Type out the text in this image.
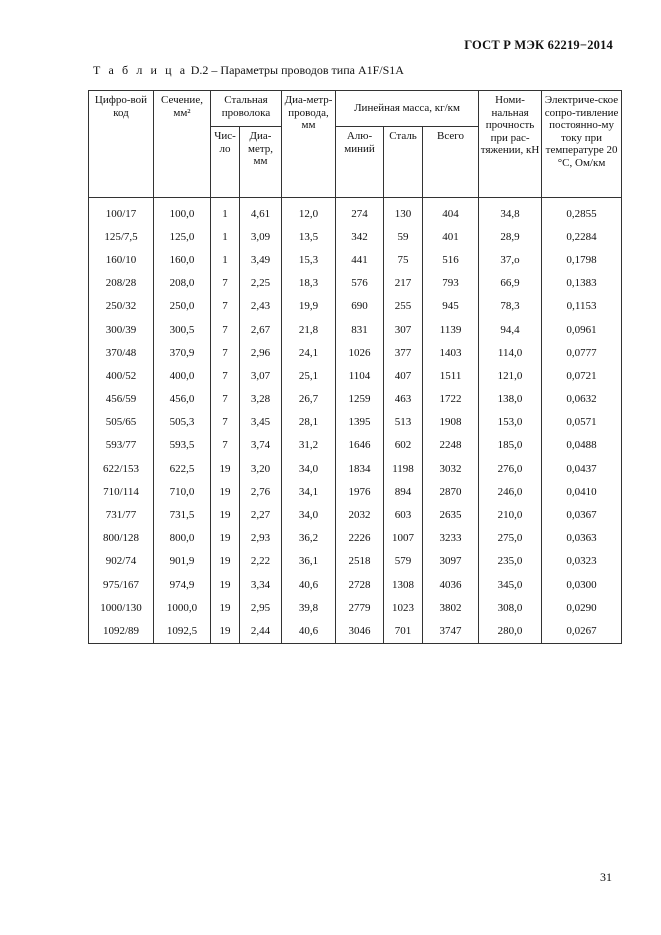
ГОСТ Р МЭК 62219−2014
Т а б л и ц а D.2 – Параметры проводов типа A1F/S1A
Цифро-вой код	Сечение, мм²	Стальная проволока		Диа-метр-провода, мм	Линейная масса, кг/км			Номи-нальная прочность при рас-тяжении, кН	Электриче-ское сопро-тивление постоянно-му току при температуре 20 °С, Ом/км
		Чис-ло	Диа-метр, мм		Алю-миний	Сталь	Всего		
100/17	100,0	1	4,61	12,0	274	130	404	34,8	0,2855
125/7,5	125,0	1	3,09	13,5	342	59	401	28,9	0,2284
160/10	160,0	1	3,49	15,3	441	75	516	37,о	0,1798
208/28	208,0	7	2,25	18,3	576	217	793	66,9	0,1383
250/32	250,0	7	2,43	19,9	690	255	945	78,3	0,1153
300/39	300,5	7	2,67	21,8	831	307	1139	94,4	0,0961
370/48	370,9	7	2,96	24,1	1026	377	1403	114,0	0,0777
400/52	400,0	7	3,07	25,1	1104	407	1511	121,0	0,0721
456/59	456,0	7	3,28	26,7	1259	463	1722	138,0	0,0632
505/65	505,3	7	3,45	28,1	1395	513	1908	153,0	0,0571
593/77	593,5	7	3,74	31,2	1646	602	2248	185,0	0,0488
622/153	622,5	19	3,20	34,0	1834	1198	3032	276,0	0,0437
710/114	710,0	19	2,76	34,1	1976	894	2870	246,0	0,0410
731/77	731,5	19	2,27	34,0	2032	603	2635	210,0	0,0367
800/128	800,0	19	2,93	36,2	2226	1007	3233	275,0	0,0363
902/74	901,9	19	2,22	36,1	2518	579	3097	235,0	0,0323
975/167	974,9	19	3,34	40,6	2728	1308	4036	345,0	0,0300
1000/130	1000,0	19	2,95	39,8	2779	1023	3802	308,0	0,0290
1092/89	1092,5	19	2,44	40,6	3046	701	3747	280,0	0,0267
31
